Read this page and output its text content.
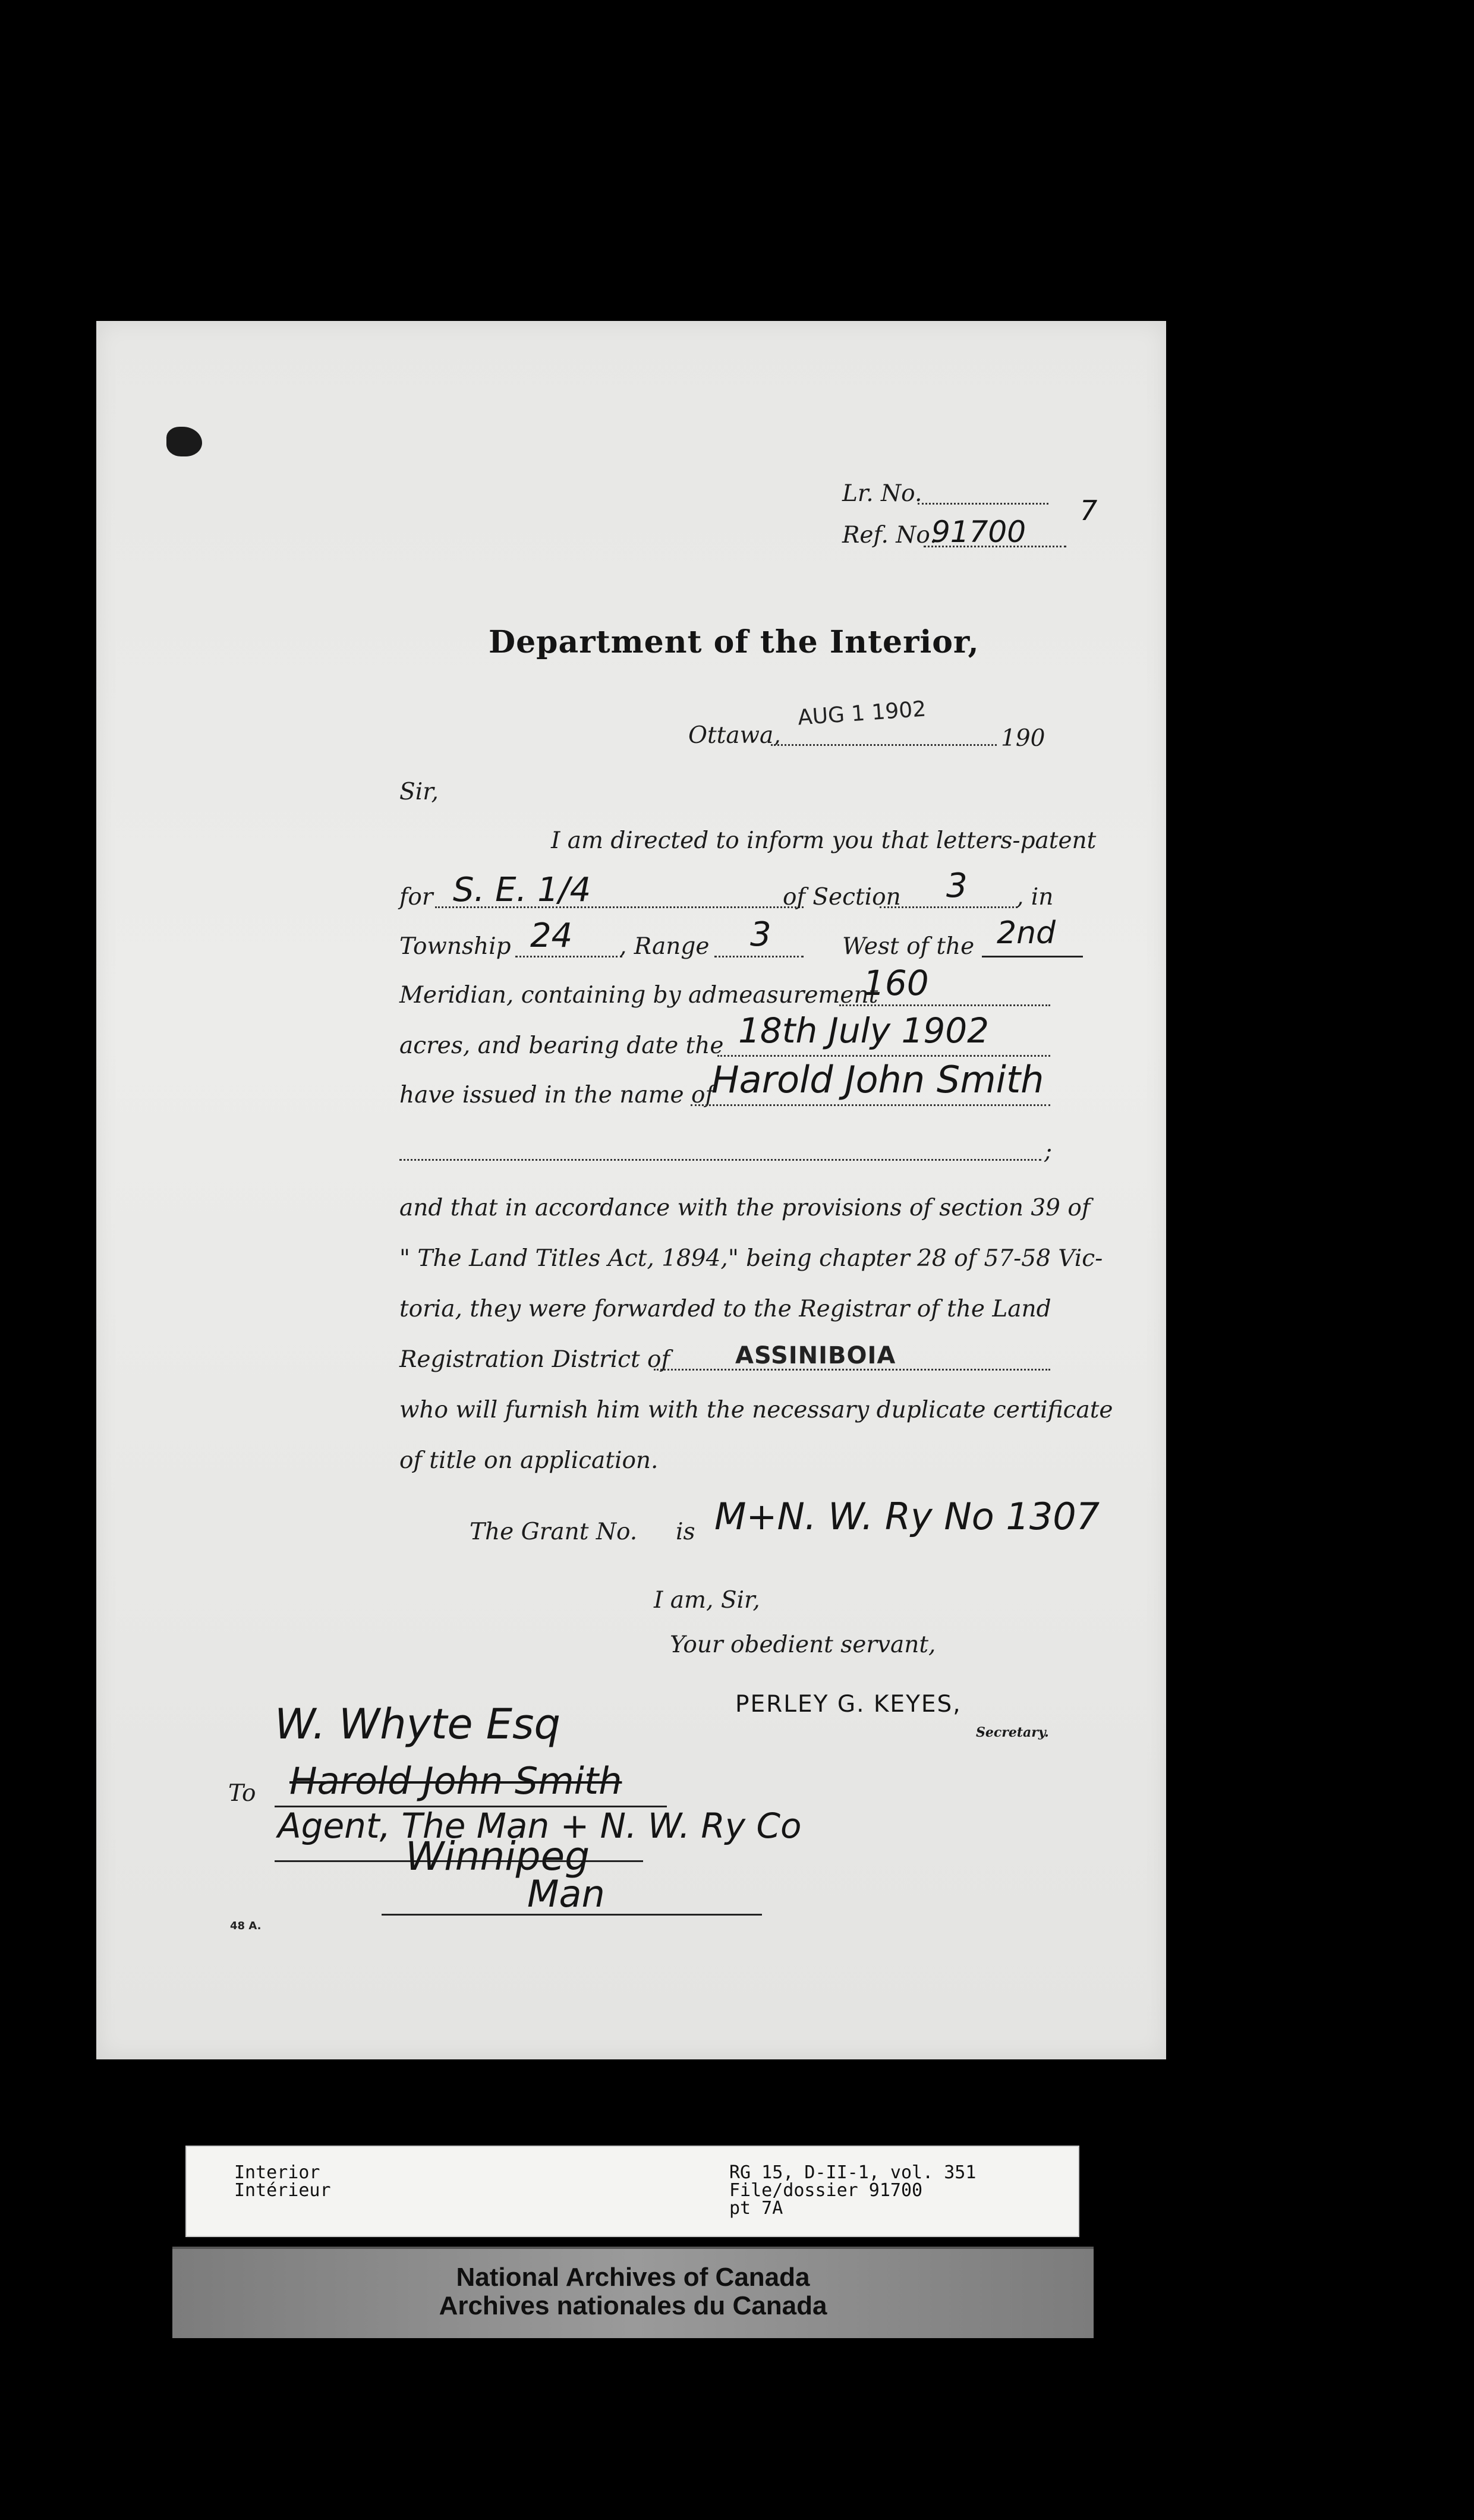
Lr. No.
7
Ref. No.
91700
Department of the Interior,
Ottawa,
AUG 1 1902
190
Sir,
I am directed to inform you that letters-patent
for S. E. 1/4	of Section 3 , in
Township 24 , Range 3	West of the 2nd
Meridian, containing by admeasurement
160
acres, and bearing date the 18th July 1902
have issued in the name of
Harold John Smith
;
and that in accordance with the provisions of section 39 of
" The Land Titles Act, 1894," being chapter 28 of 57-58 Vic-
toria, they were forwarded to the Registrar of the Land
Registration District of	ASSINIBOIA
who will furnish him with the necessary duplicate certificate
of title on application.
The Grant No. is M+N. W. Ry No 1307
I am, Sir,
Your obedient servant,
PERLEY G. KEYES,
Secretary.
W. Whyte Esq
To Harold John Smith
Agent, The Man + N. W. Ry Co
Winnipeg
Man
48 A.
Interior
Intérieur
RG 15, D-II-1, vol. 351
File/dossier 91700
pt 7A
National Archives of Canada
Archives nationales du Canada
